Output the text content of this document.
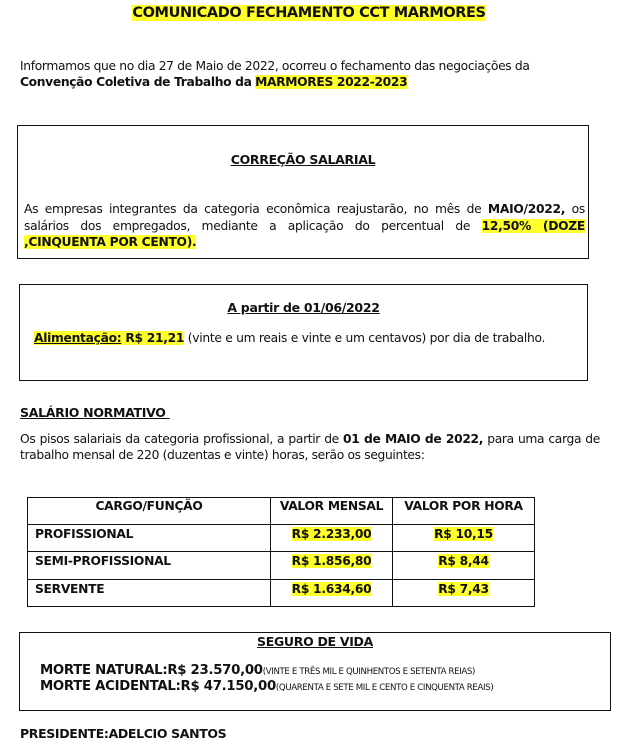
COMUNICADO FECHAMENTO CCT MARMORES
Informamos que no dia 27 de Maio de 2022, ocorreu o fechamento das negociações da
Convenção Coletiva de Trabalho da MARMORES 2022-2023
CORREÇÃO SALARIAL
As empresas integrantes da categoria econômica reajustarão, no mês de MAIO/2022, os salários dos empregados, mediante a aplicação do percentual de 12,50% (DOZE ,CINQUENTA POR CENTO).
A partir de 01/06/2022
Alimentação: R$ 21,21 (vinte e um reais e vinte e um centavos) por dia de trabalho.
SALÁRIO NORMATIVO
Os pisos salariais da categoria profissional, a partir de 01 de MAIO de 2022, para uma carga de trabalho mensal de 220 (duzentas e vinte) horas, serão os seguintes:
CARGO/FUNÇÃO	VALOR MENSAL	VALOR POR HORA
PROFISSIONAL	R$ 2.233,00	R$ 10,15
SEMI-PROFISSIONAL	R$ 1.856,80	R$ 8,44
SERVENTE	R$ 1.634,60	R$ 7,43
SEGURO DE VIDA
MORTE NATURAL:R$ 23.570,00(VINTE E TRÊS MIL E QUINHENTOS E SETENTA REIAS)
MORTE ACIDENTAL:R$ 47.150,00(QUARENTA E SETE MIL E CENTO E CINQUENTA REAIS)
PRESIDENTE:ADELCIO SANTOS
